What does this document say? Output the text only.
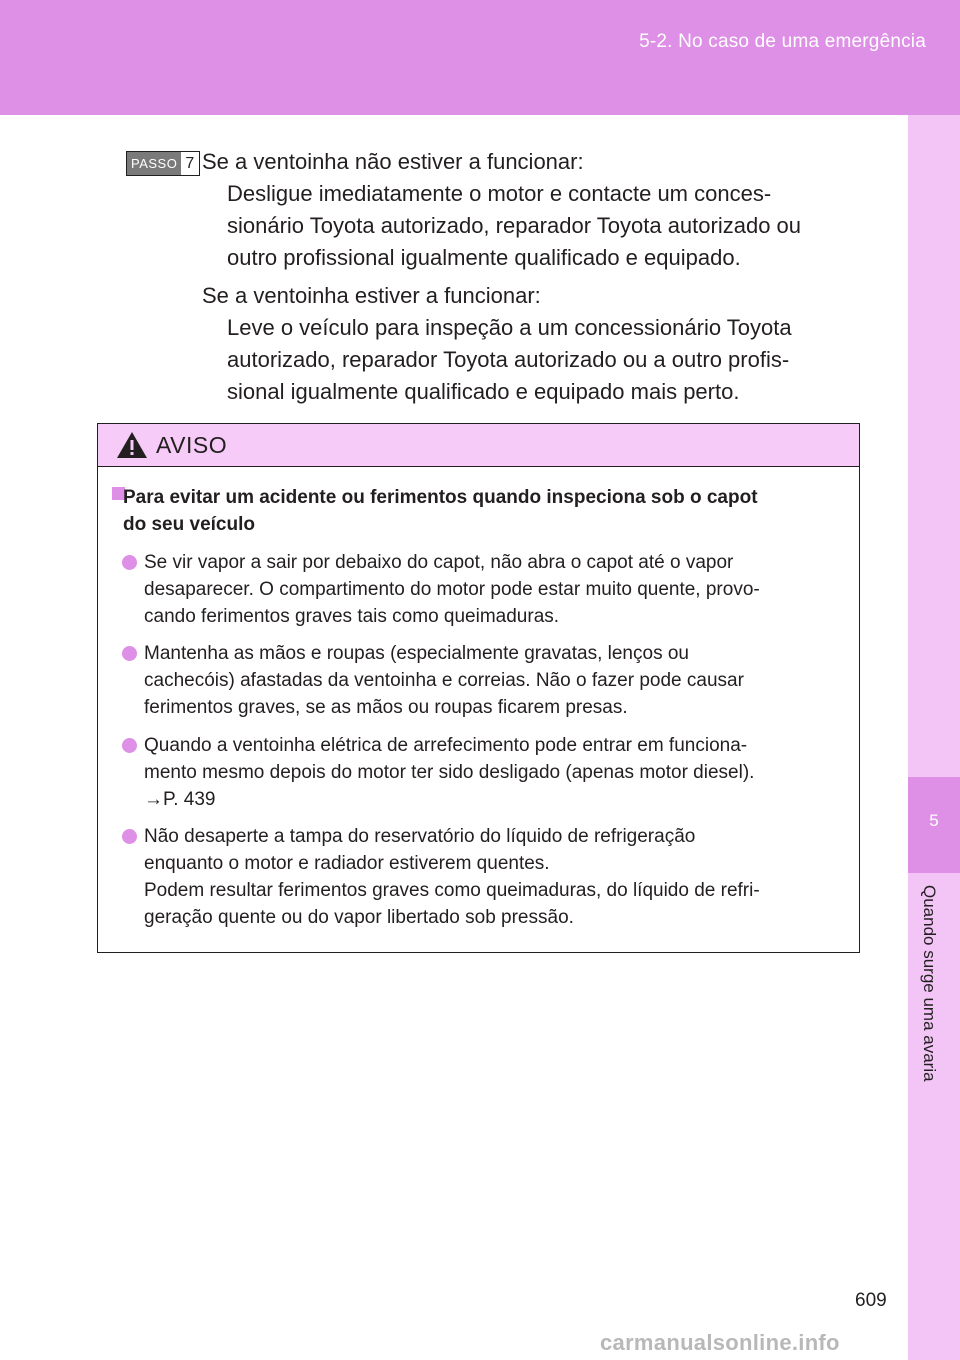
5-2. No caso de uma emergência
5
Quando surge uma avaria
PASSO 7 Se a ventoinha não estiver a funcionar:
Desligue imediatamente o motor e contacte um conces-
sionário Toyota autorizado, reparador Toyota autorizado ou
outro profissional igualmente qualificado e equipado.
Se a ventoinha estiver a funcionar:
Leve o veículo para inspeção a um concessionário Toyota
autorizado, reparador Toyota autorizado ou a outro profis-
sional igualmente qualificado e equipado mais perto.
AVISO
Para evitar um acidente ou ferimentos quando inspeciona sob o capot
do seu veículo
Se vir vapor a sair por debaixo do capot, não abra o capot até o vapor
desaparecer. O compartimento do motor pode estar muito quente, provo-
cando ferimentos graves tais como queimaduras.
Mantenha as mãos e roupas (especialmente gravatas, lenços ou
cachecóis) afastadas da ventoinha e correias. Não o fazer pode causar
ferimentos graves, se as mãos ou roupas ficarem presas.
Quando a ventoinha elétrica de arrefecimento pode entrar em funciona-
mento mesmo depois do motor ter sido desligado (apenas motor diesel).
→P. 439
Não desaperte a tampa do reservatório do líquido de refrigeração
enquanto o motor e radiador estiverem quentes.
Podem resultar ferimentos graves como queimaduras, do líquido de refri-
geração quente ou do vapor libertado sob pressão.
609
carmanualsonline.info
